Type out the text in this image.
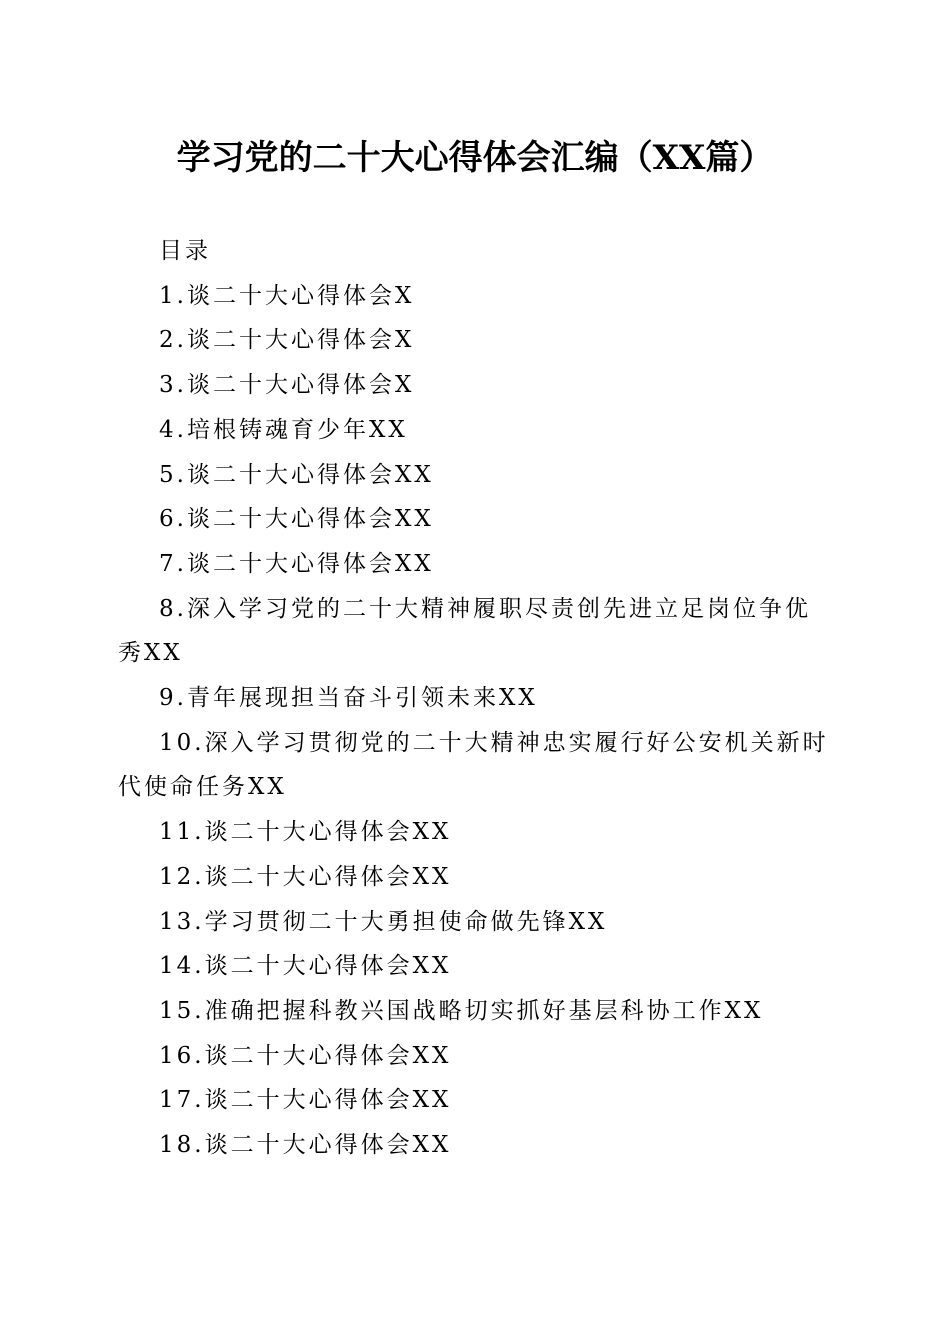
学习党的二十大心得体会汇编（XX篇）
目录
1.谈二十大心得体会X
2.谈二十大心得体会X
3.谈二十大心得体会X
4.培根铸魂育少年XX
5.谈二十大心得体会XX
6.谈二十大心得体会XX
7.谈二十大心得体会XX
8.深入学习党的二十大精神履职尽责创先进立足岗位争优秀XX
9.青年展现担当奋斗引领未来XX
10.深入学习贯彻党的二十大精神忠实履行好公安机关新时代使命任务XX
11.谈二十大心得体会XX
12.谈二十大心得体会XX
13.学习贯彻二十大勇担使命做先锋XX
14.谈二十大心得体会XX
15.准确把握科教兴国战略切实抓好基层科协工作XX
16.谈二十大心得体会XX
17.谈二十大心得体会XX
18.谈二十大心得体会XX
